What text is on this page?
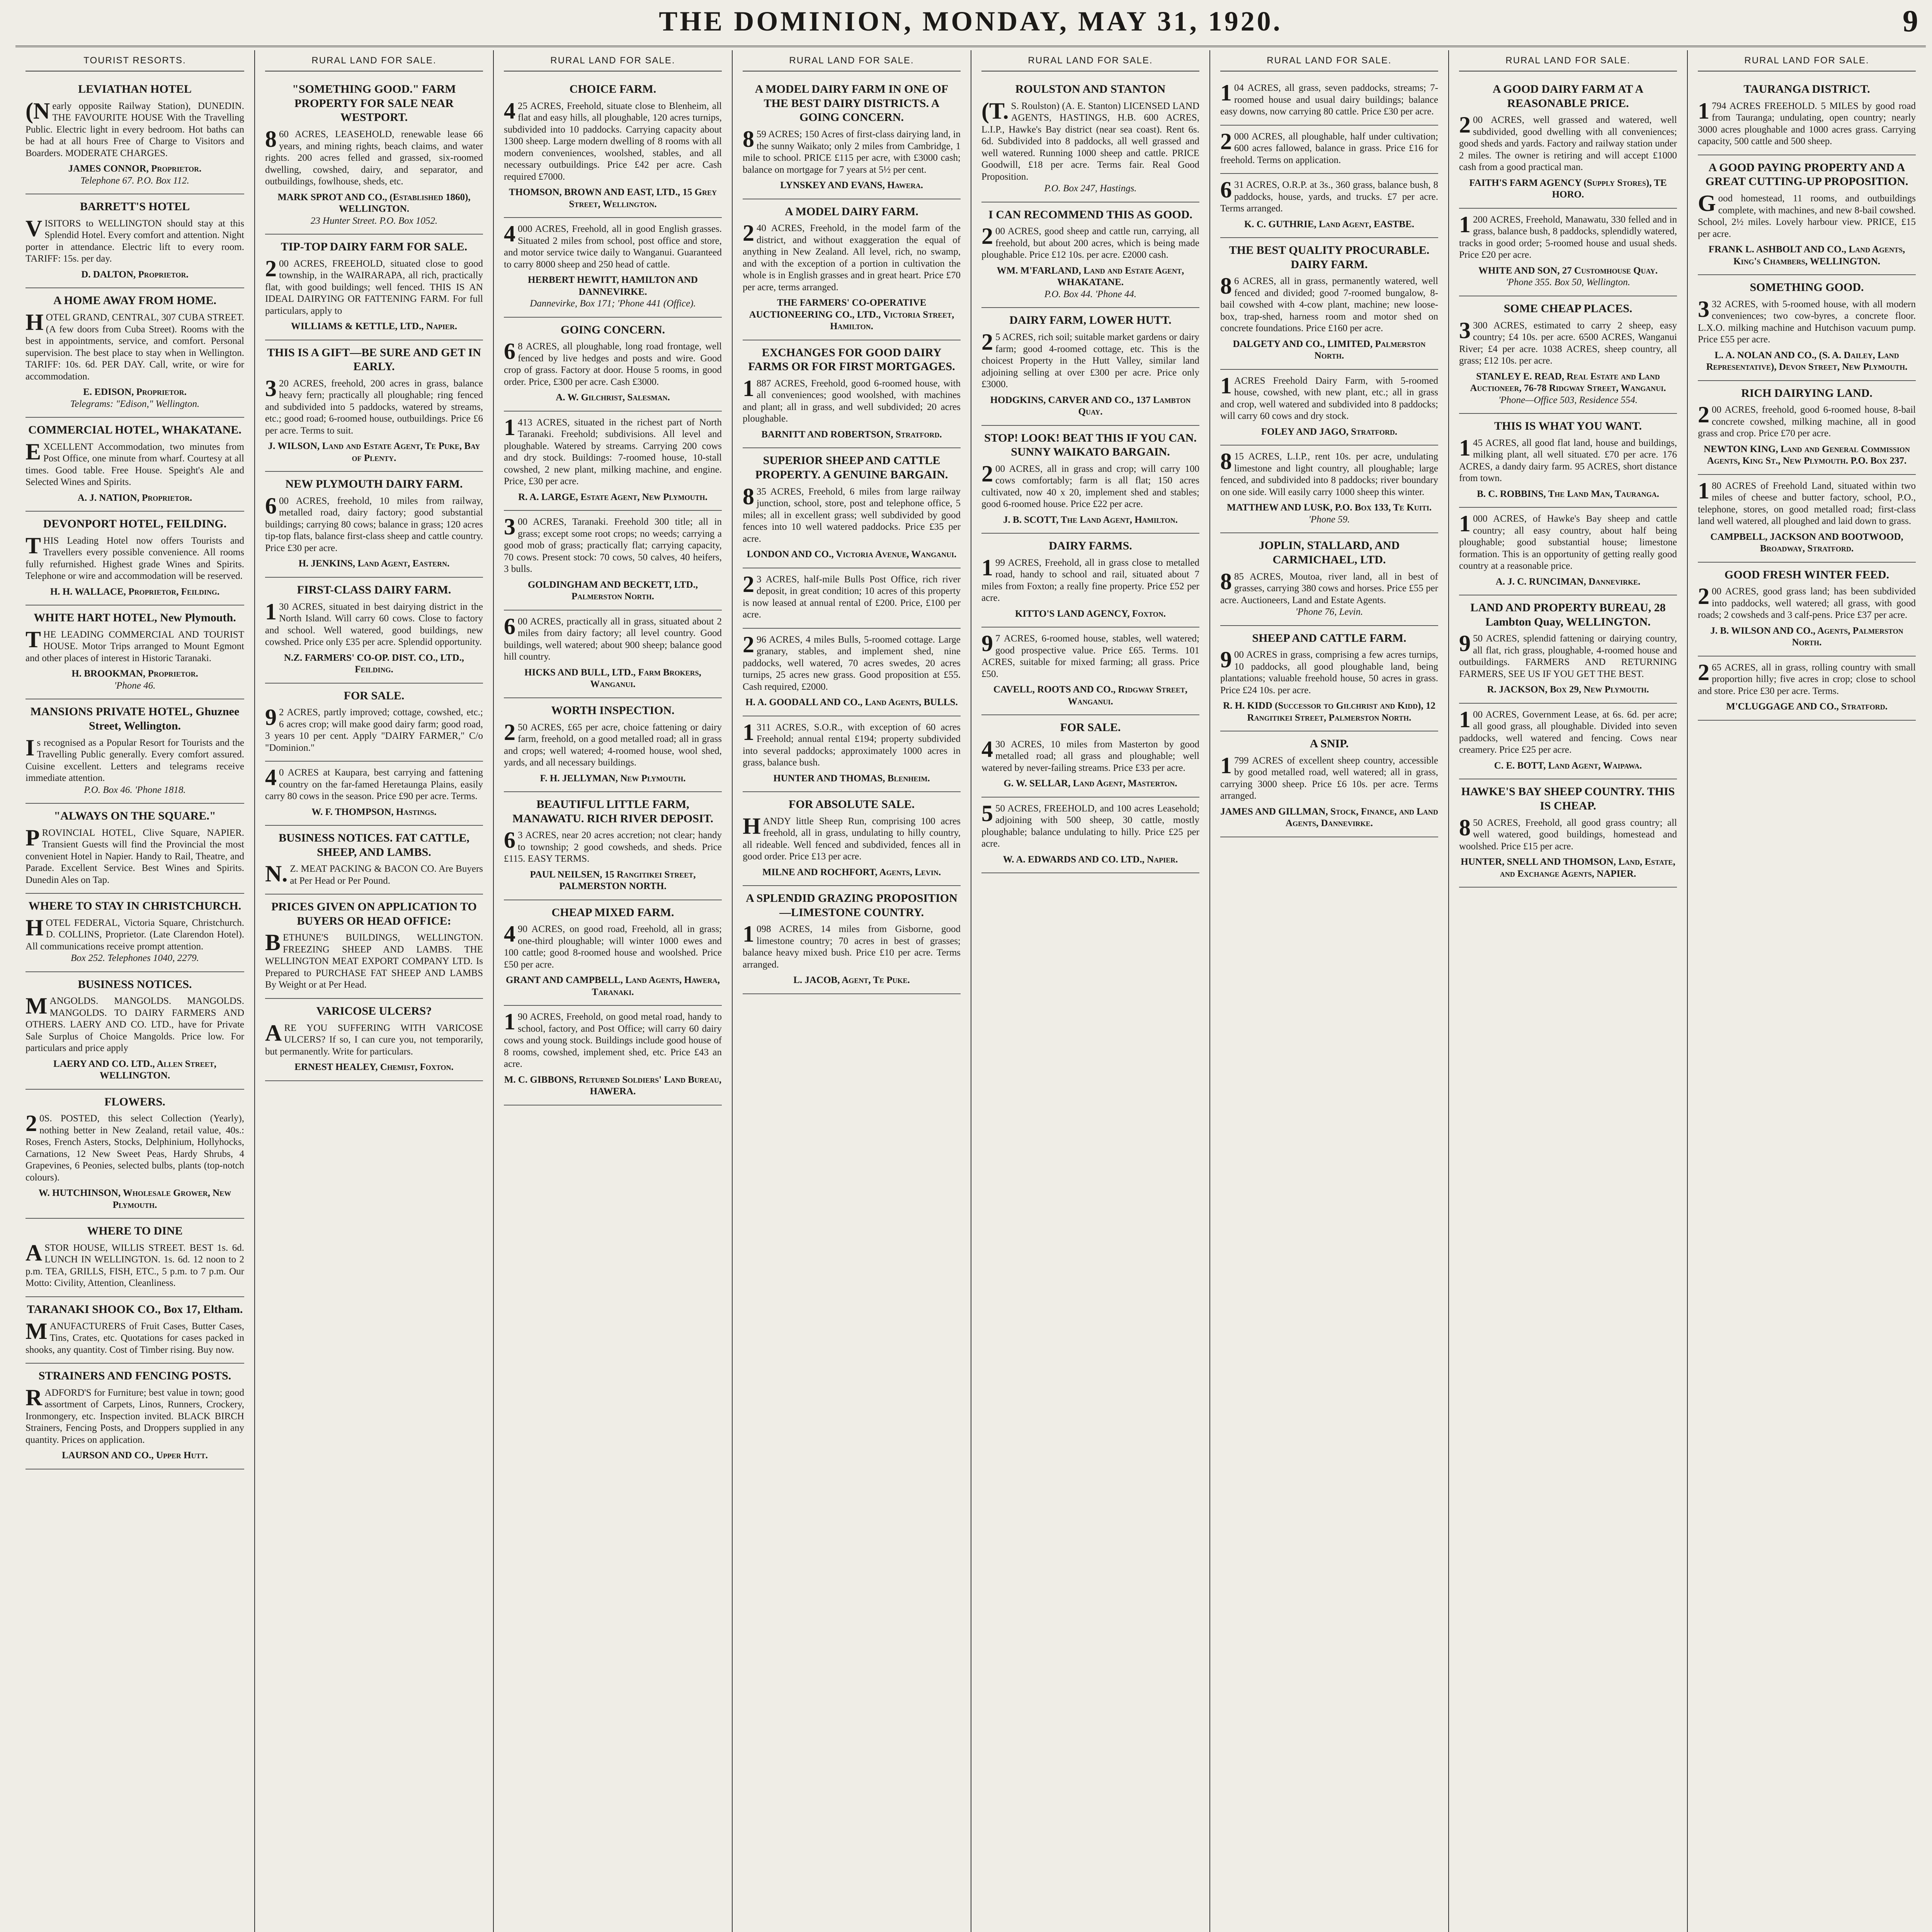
THE DOMINION, MONDAY, MAY 31, 1920.	9
TOURIST RESORTS.
LEVIATHAN HOTEL

(Nearly opposite Railway Station), DUNEDIN. THE FAVOURITE HOUSE With the Travelling Public. Electric light in every bedroom. Hot baths can be had at all hours Free of Charge to Visitors and Boarders. MODERATE CHARGES.

JAMES CONNOR, Proprietor.
Telephone 67. P.O. Box 112.
BARRETT'S HOTEL

VISITORS to WELLINGTON should stay at this Splendid Hotel. Every comfort and attention. Night porter in attendance. Electric lift to every room. TARIFF: 15s. per day.

D. DALTON, Proprietor.
A HOME AWAY FROM HOME.

HOTEL GRAND, CENTRAL, 307 CUBA STREET. (A few doors from Cuba Street). Rooms with the best in appointments, service, and comfort. Personal supervision. The best place to stay when in Wellington. TARIFF: 10s. 6d. PER DAY. Call, write, or wire for accommodation.

E. EDISON, Proprietor.
Telegrams: "Edison," Wellington.
COMMERCIAL HOTEL, WHAKATANE.

EXCELLENT Accommodation, two minutes from Post Office, one minute from wharf. Courtesy at all times. Good table. Free House. Speight's Ale and Selected Wines and Spirits.

A. J. NATION, Proprietor.
DEVONPORT HOTEL, FEILDING.

THIS Leading Hotel now offers Tourists and Travellers every possible convenience. All rooms fully refurnished. Highest grade Wines and Spirits. Telephone or wire and accommodation will be reserved.

H. H. WALLACE, Proprietor, Feilding.
WHITE HART HOTEL, New Plymouth.

THE LEADING COMMERCIAL AND TOURIST HOUSE. Motor Trips arranged to Mount Egmont and other places of interest in Historic Taranaki.

H. BROOKMAN, Proprietor.
'Phone 46.
MANSIONS PRIVATE HOTEL, Ghuznee Street, Wellington.

Is recognised as a Popular Resort for Tourists and the Travelling Public generally. Every comfort assured. Cuisine excellent. Letters and telegrams receive immediate attention.

P.O. Box 46. 'Phone 1818.
"ALWAYS ON THE SQUARE."

PROVINCIAL HOTEL, Clive Square, NAPIER. Transient Guests will find the Provincial the most convenient Hotel in Napier. Handy to Rail, Theatre, and Parade. Excellent Service. Best Wines and Spirits. Dunedin Ales on Tap.

WHERE TO STAY IN CHRISTCHURCH.

HOTEL FEDERAL, Victoria Square, Christchurch. D. COLLINS, Proprietor. (Late Clarendon Hotel). All communications receive prompt attention.

Box 252. Telephones 1040, 2279.
BUSINESS NOTICES.

MANGOLDS. MANGOLDS. MANGOLDS. MANGOLDS. TO DAIRY FARMERS AND OTHERS. LAERY AND CO. LTD., have for Private Sale Surplus of Choice Mangolds. Price low. For particulars and price apply

LAERY AND CO. LTD., Allen Street, WELLINGTON.
FLOWERS.

20S. POSTED, this select Collection (Yearly), nothing better in New Zealand, retail value, 40s.: Roses, French Asters, Stocks, Delphinium, Hollyhocks, Carnations, 12 New Sweet Peas, Hardy Shrubs, 4 Grapevines, 6 Peonies, selected bulbs, plants (top-notch colours).

W. HUTCHINSON, Wholesale Grower, New Plymouth.
WHERE TO DINE

ASTOR HOUSE, WILLIS STREET. BEST 1s. 6d. LUNCH IN WELLINGTON. 1s. 6d. 12 noon to 2 p.m. TEA, GRILLS, FISH, ETC., 5 p.m. to 7 p.m. Our Motto: Civility, Attention, Cleanliness.

TARANAKI SHOOK CO., Box 17, Eltham.

MANUFACTURERS of Fruit Cases, Butter Cases, Tins, Crates, etc. Quotations for cases packed in shooks, any quantity. Cost of Timber rising. Buy now.

STRAINERS AND FENCING POSTS.

RADFORD'S for Furniture; best value in town; good assortment of Carpets, Linos, Runners, Crockery, Ironmongery, etc. Inspection invited. BLACK BIRCH Strainers, Fencing Posts, and Droppers supplied in any quantity. Prices on application.

LAURSON AND CO., Upper Hutt.
RURAL LAND FOR SALE.
"SOMETHING GOOD." FARM PROPERTY FOR SALE NEAR WESTPORT.

860 ACRES, LEASEHOLD, renewable lease 66 years, and mining rights, beach claims, and water rights. 200 acres felled and grassed, six-roomed dwelling, cowshed, dairy, and separator, and outbuildings, fowlhouse, sheds, etc.

MARK SPROT AND CO., (Established 1860), WELLINGTON.
23 Hunter Street. P.O. Box 1052.
TIP-TOP DAIRY FARM FOR SALE.

200 ACRES, FREEHOLD, situated close to good township, in the WAIRARAPA, all rich, practically flat, with good buildings; well fenced. THIS IS AN IDEAL DAIRYING OR FATTENING FARM. For full particulars, apply to

WILLIAMS & KETTLE, LTD., Napier.
THIS IS A GIFT—BE SURE AND GET IN EARLY.

320 ACRES, freehold, 200 acres in grass, balance heavy fern; practically all ploughable; ring fenced and subdivided into 5 paddocks, watered by streams, etc.; good road; 6-roomed house, outbuildings. Price £6 per acre. Terms to suit.

J. WILSON, Land and Estate Agent, Te Puke, Bay of Plenty.
NEW PLYMOUTH DAIRY FARM.

600 ACRES, freehold, 10 miles from railway, metalled road, dairy factory; good substantial buildings; carrying 80 cows; balance in grass; 120 acres tip-top flats, balance first-class sheep and cattle country. Price £30 per acre.

H. JENKINS, Land Agent, Eastern.
FIRST-CLASS DAIRY FARM.

130 ACRES, situated in best dairying district in the North Island. Will carry 60 cows. Close to factory and school. Well watered, good buildings, new cowshed. Price only £35 per acre. Splendid opportunity.

N.Z. FARMERS' CO-OP. DIST. CO., LTD., Feilding.
FOR SALE.

92 ACRES, partly improved; cottage, cowshed, etc.; 6 acres crop; will make good dairy farm; good road, 3 years 10 per cent. Apply "DAIRY FARMER," C/o "Dominion."

40 ACRES at Kaupara, best carrying and fattening country on the far-famed Heretaunga Plains, easily carry 80 cows in the season. Price £90 per acre. Terms.

W. F. THOMPSON, Hastings.
BUSINESS NOTICES. FAT CATTLE, SHEEP, AND LAMBS.

N.Z. MEAT PACKING & BACON CO. Are Buyers at Per Head or Per Pound.

PRICES GIVEN ON APPLICATION TO BUYERS OR HEAD OFFICE:

BETHUNE'S BUILDINGS, WELLINGTON. FREEZING SHEEP AND LAMBS. THE WELLINGTON MEAT EXPORT COMPANY LTD. Is Prepared to PURCHASE FAT SHEEP AND LAMBS By Weight or at Per Head.

VARICOSE ULCERS?

ARE YOU SUFFERING WITH VARICOSE ULCERS? If so, I can cure you, not temporarily, but permanently. Write for particulars.

ERNEST HEALEY, Chemist, Foxton.
RURAL LAND FOR SALE.
CHOICE FARM.

425 ACRES, Freehold, situate close to Blenheim, all flat and easy hills, all ploughable, 120 acres turnips, subdivided into 10 paddocks. Carrying capacity about 1300 sheep. Large modern dwelling of 8 rooms with all modern conveniences, woolshed, stables, and all necessary outbuildings. Price £42 per acre. Cash required £7000.

THOMSON, BROWN AND EAST, LTD., 15 Grey Street, Wellington.

4000 ACRES, Freehold, all in good English grasses. Situated 2 miles from school, post office and store, and motor service twice daily to Wanganui. Guaranteed to carry 8000 sheep and 250 head of cattle.

HERBERT HEWITT, HAMILTON AND DANNEVIRKE.
Dannevirke, Box 171; 'Phone 441 (Office).
GOING CONCERN.

68 ACRES, all ploughable, long road frontage, well fenced by live hedges and posts and wire. Good crop of grass. Factory at door. House 5 rooms, in good order. Price, £300 per acre. Cash £3000.

A. W. Gilchrist, Salesman.

1413 ACRES, situated in the richest part of North Taranaki. Freehold; subdivisions. All level and ploughable. Watered by streams. Carrying 200 cows and dry stock. Buildings: 7-roomed house, 10-stall cowshed, 2 new plant, milking machine, and engine. Price, £30 per acre.

R. A. LARGE, Estate Agent, New Plymouth.

300 ACRES, Taranaki. Freehold 300 title; all in grass; except some root crops; no weeds; carrying a good mob of grass; practically flat; carrying capacity, 70 cows. Present stock: 70 cows, 50 calves, 40 heifers, 3 bulls.

GOLDINGHAM AND BECKETT, LTD., Palmerston North.

600 ACRES, practically all in grass, situated about 2 miles from dairy factory; all level country. Good buildings, well watered; about 900 sheep; balance good hill country.

HICKS AND BULL, LTD., Farm Brokers, Wanganui.
WORTH INSPECTION.

250 ACRES, £65 per acre, choice fattening or dairy farm, freehold, on a good metalled road; all in grass and crops; well watered; 4-roomed house, wool shed, yards, and all necessary buildings.

F. H. JELLYMAN, New Plymouth.
BEAUTIFUL LITTLE FARM, MANAWATU. RICH RIVER DEPOSIT.

63 ACRES, near 20 acres accretion; not clear; handy to township; 2 good cowsheds, and sheds. Price £115. EASY TERMS.

PAUL NEILSEN, 15 Rangitikei Street, PALMERSTON NORTH.
CHEAP MIXED FARM.

490 ACRES, on good road, Freehold, all in grass; one-third ploughable; will winter 1000 ewes and 100 cattle; good 8-roomed house and woolshed. Price £50 per acre.

GRANT AND CAMPBELL, Land Agents, Hawera, Taranaki.

190 ACRES, Freehold, on good metal road, handy to school, factory, and Post Office; will carry 60 dairy cows and young stock. Buildings include good house of 8 rooms, cowshed, implement shed, etc. Price £43 an acre.

M. C. GIBBONS, Returned Soldiers' Land Bureau, HAWERA.
RURAL LAND FOR SALE.
A MODEL DAIRY FARM IN ONE OF THE BEST DAIRY DISTRICTS. A GOING CONCERN.

859 ACRES; 150 Acres of first-class dairying land, in the sunny Waikato; only 2 miles from Cambridge, 1 mile to school. PRICE £115 per acre, with £3000 cash; balance on mortgage for 7 years at 5½ per cent.

LYNSKEY AND EVANS, Hawera.
A MODEL DAIRY FARM.

240 ACRES, Freehold, in the model farm of the district, and without exaggeration the equal of anything in New Zealand. All level, rich, no swamp, and with the exception of a portion in cultivation the whole is in English grasses and in great heart. Price £70 per acre, terms arranged.

THE FARMERS' CO-OPERATIVE AUCTIONEERING CO., LTD., Victoria Street, Hamilton.
EXCHANGES FOR GOOD DAIRY FARMS OR FOR FIRST MORTGAGES.

1887 ACRES, Freehold, good 6-roomed house, with all conveniences; good woolshed, with machines and plant; all in grass, and well subdivided; 20 acres ploughable.

BARNITT AND ROBERTSON, Stratford.
SUPERIOR SHEEP AND CATTLE PROPERTY. A GENUINE BARGAIN.

835 ACRES, Freehold, 6 miles from large railway junction, school, store, post and telephone office, 5 miles; all in excellent grass; well subdivided by good fences into 10 well watered paddocks. Price £35 per acre.

LONDON AND CO., Victoria Avenue, Wanganui.

23 ACRES, half-mile Bulls Post Office, rich river deposit, in great condition; 10 acres of this property is now leased at annual rental of £200. Price, £100 per acre.

296 ACRES, 4 miles Bulls, 5-roomed cottage. Large granary, stables, and implement shed, nine paddocks, well watered, 70 acres swedes, 20 acres turnips, 25 acres new grass. Good proposition at £55. Cash required, £2000.

H. A. GOODALL AND CO., Land Agents, BULLS.

1311 ACRES, S.O.R., with exception of 60 acres Freehold; annual rental £194; property subdivided into several paddocks; approximately 1000 acres in grass, balance bush.

HUNTER AND THOMAS, Blenheim.
FOR ABSOLUTE SALE.

HANDY little Sheep Run, comprising 100 acres freehold, all in grass, undulating to hilly country, all rideable. Well fenced and subdivided, fences all in good order. Price £13 per acre.

MILNE AND ROCHFORT, Agents, Levin.
A SPLENDID GRAZING PROPOSITION —LIMESTONE COUNTRY.

1098 ACRES, 14 miles from Gisborne, good limestone country; 70 acres in best of grasses; balance heavy mixed bush. Price £10 per acre. Terms arranged.

L. JACOB, Agent, Te Puke.
RURAL LAND FOR SALE.
ROULSTON AND STANTON

(T.S. Roulston) (A. E. Stanton) LICENSED LAND AGENTS, HASTINGS, H.B. 600 ACRES, L.I.P., Hawke's Bay district (near sea coast). Rent 6s. 6d. Subdivided into 8 paddocks, all well grassed and well watered. Running 1000 sheep and cattle. PRICE Goodwill, £18 per acre. Terms fair. Real Good Proposition.

P.O. Box 247, Hastings.
I CAN RECOMMEND THIS AS GOOD.

200 ACRES, good sheep and cattle run, carrying, all freehold, but about 200 acres, which is being made ploughable. Price £12 10s. per acre. £2000 cash.

WM. M'FARLAND, Land and Estate Agent, WHAKATANE.
P.O. Box 44. 'Phone 44.
DAIRY FARM, LOWER HUTT.

25 ACRES, rich soil; suitable market gardens or dairy farm; good 4-roomed cottage, etc. This is the choicest Property in the Hutt Valley, similar land adjoining selling at over £300 per acre. Price only £3000.

HODGKINS, CARVER AND CO., 137 Lambton Quay.
STOP! LOOK! BEAT THIS IF YOU CAN. SUNNY WAIKATO BARGAIN.

200 ACRES, all in grass and crop; will carry 100 cows comfortably; farm is all flat; 150 acres cultivated, now 40 x 20, implement shed and stables; good 6-roomed house. Price £22 per acre.

J. B. SCOTT, The Land Agent, Hamilton.
DAIRY FARMS.

199 ACRES, Freehold, all in grass close to metalled road, handy to school and rail, situated about 7 miles from Foxton; a really fine property. Price £52 per acre.

KITTO'S LAND AGENCY, Foxton.

97 ACRES, 6-roomed house, stables, well watered; good prospective value. Price £65. Terms. 101 ACRES, suitable for mixed farming; all grass. Price £50.

CAVELL, ROOTS AND CO., Ridgway Street, Wanganui.
FOR SALE.

430 ACRES, 10 miles from Masterton by good metalled road; all grass and ploughable; well watered by never-failing streams. Price £33 per acre.

G. W. SELLAR, Land Agent, Masterton.

550 ACRES, FREEHOLD, and 100 acres Leasehold; adjoining with 500 sheep, 30 cattle, mostly ploughable; balance undulating to hilly. Price £25 per acre.

W. A. EDWARDS AND CO. LTD., Napier.
RURAL LAND FOR SALE.

104 ACRES, all grass, seven paddocks, streams; 7-roomed house and usual dairy buildings; balance easy downs, now carrying 80 cattle. Price £30 per acre.

2000 ACRES, all ploughable, half under cultivation; 600 acres fallowed, balance in grass. Price £16 for freehold. Terms on application.

631 ACRES, O.R.P. at 3s., 360 grass, balance bush, 8 paddocks, house, yards, and trucks. £7 per acre. Terms arranged.

K. C. GUTHRIE, Land Agent, EASTBE.
THE BEST QUALITY PROCURABLE. DAIRY FARM.

86 ACRES, all in grass, permanently watered, well fenced and divided; good 7-roomed bungalow, 8-bail cowshed with 4-cow plant, machine; new loose-box, trap-shed, harness room and motor shed on concrete foundations. Price £160 per acre.

DALGETY AND CO., LIMITED, Palmerston North.

1ACRES Freehold Dairy Farm, with 5-roomed house, cowshed, with new plant, etc.; all in grass and crop, well watered and subdivided into 8 paddocks; will carry 60 cows and dry stock.

FOLEY AND JAGO, Stratford.

815 ACRES, L.I.P., rent 10s. per acre, undulating limestone and light country, all ploughable; large fenced, and subdivided into 8 paddocks; river boundary on one side. Will easily carry 1000 sheep this winter.

MATTHEW AND LUSK, P.O. Box 133, Te Kuiti.
'Phone 59.
JOPLIN, STALLARD, AND CARMICHAEL, LTD.

885 ACRES, Moutoa, river land, all in best of grasses, carrying 380 cows and horses. Price £55 per acre. Auctioneers, Land and Estate Agents.

'Phone 76, Levin.
SHEEP AND CATTLE FARM.

900 ACRES in grass, comprising a few acres turnips, 10 paddocks, all good ploughable land, being plantations; valuable freehold house, 50 acres in grass. Price £24 10s. per acre.

R. H. KIDD (Successor to Gilchrist and Kidd), 12 Rangitikei Street, Palmerston North.
A SNIP.

1799 ACRES of excellent sheep country, accessible by good metalled road, well watered; all in grass, carrying 3000 sheep. Price £6 10s. per acre. Terms arranged.

JAMES AND GILLMAN, Stock, Finance, and Land Agents, Dannevirke.
RURAL LAND FOR SALE.
A GOOD DAIRY FARM AT A REASONABLE PRICE.

200 ACRES, well grassed and watered, well subdivided, good dwelling with all conveniences; good sheds and yards. Factory and railway station under 2 miles. The owner is retiring and will accept £1000 cash from a good practical man.

FAITH'S FARM AGENCY (Supply Stores), TE HORO.

1200 ACRES, Freehold, Manawatu, 330 felled and in grass, balance bush, 8 paddocks, splendidly watered, tracks in good order; 5-roomed house and usual sheds. Price £20 per acre.

WHITE AND SON, 27 Customhouse Quay.
'Phone 355. Box 50, Wellington.
SOME CHEAP PLACES.

3300 ACRES, estimated to carry 2 sheep, easy country; £4 10s. per acre. 6500 ACRES, Wanganui River; £4 per acre. 1038 ACRES, sheep country, all grass; £12 10s. per acre.

STANLEY E. READ, Real Estate and Land Auctioneer, 76-78 Ridgway Street, Wanganui.
'Phone—Office 503, Residence 554.
THIS IS WHAT YOU WANT.

145 ACRES, all good flat land, house and buildings, milking plant, all well situated. £70 per acre. 176 ACRES, a dandy dairy farm. 95 ACRES, short distance from town.

B. C. ROBBINS, The Land Man, Tauranga.

1000 ACRES, of Hawke's Bay sheep and cattle country; all easy country, about half being ploughable; good substantial house; limestone formation. This is an opportunity of getting really good country at a reasonable price.

A. J. C. RUNCIMAN, Dannevirke.
LAND AND PROPERTY BUREAU, 28 Lambton Quay, WELLINGTON.

950 ACRES, splendid fattening or dairying country, all flat, rich grass, ploughable, 4-roomed house and outbuildings. FARMERS AND RETURNING FARMERS, SEE US IF YOU GET THE BEST.

R. JACKSON, Box 29, New Plymouth.

100 ACRES, Government Lease, at 6s. 6d. per acre; all good grass, all ploughable. Divided into seven paddocks, well watered and fencing. Cows near creamery. Price £25 per acre.

C. E. BOTT, Land Agent, Waipawa.
HAWKE'S BAY SHEEP COUNTRY. THIS IS CHEAP.

850 ACRES, Freehold, all good grass country; all well watered, good buildings, homestead and woolshed. Price £15 per acre.

HUNTER, SNELL AND THOMSON, Land, Estate, and Exchange Agents, NAPIER.
RURAL LAND FOR SALE.
TAURANGA DISTRICT.

1794 ACRES FREEHOLD. 5 MILES by good road from Tauranga; undulating, open country; nearly 3000 acres ploughable and 1000 acres grass. Carrying capacity, 500 cattle and 500 sheep.

A GOOD PAYING PROPERTY AND A GREAT CUTTING-UP PROPOSITION.

Good homestead, 11 rooms, and outbuildings complete, with machines, and new 8-bail cowshed. School, 2½ miles. Lovely harbour view. PRICE, £15 per acre.

FRANK L. ASHBOLT AND CO., Land Agents, King's Chambers, WELLINGTON.
SOMETHING GOOD.

332 ACRES, with 5-roomed house, with all modern conveniences; two cow-byres, a concrete floor. L.X.O. milking machine and Hutchison vacuum pump. Price £55 per acre.

L. A. NOLAN AND CO., (S. A. Dailey, Land Representative), Devon Street, New Plymouth.
RICH DAIRYING LAND.

200 ACRES, freehold, good 6-roomed house, 8-bail concrete cowshed, milking machine, all in good grass and crop. Price £70 per acre.

NEWTON KING, Land and General Commission Agents, King St., New Plymouth. P.O. Box 237.

180 ACRES of Freehold Land, situated within two miles of cheese and butter factory, school, P.O., telephone, stores, on good metalled road; first-class land well watered, all ploughed and laid down to grass.

CAMPBELL, JACKSON AND BOOTWOOD, Broadway, Stratford.
GOOD FRESH WINTER FEED.

200 ACRES, good grass land; has been subdivided into paddocks, well watered; all grass, with good roads; 2 cowsheds and 3 calf-pens. Price £37 per acre.

J. B. WILSON AND CO., Agents, Palmerston North.

265 ACRES, all in grass, rolling country with small proportion hilly; five acres in crop; close to school and store. Price £30 per acre. Terms.

M'CLUGGAGE AND CO., Stratford.
